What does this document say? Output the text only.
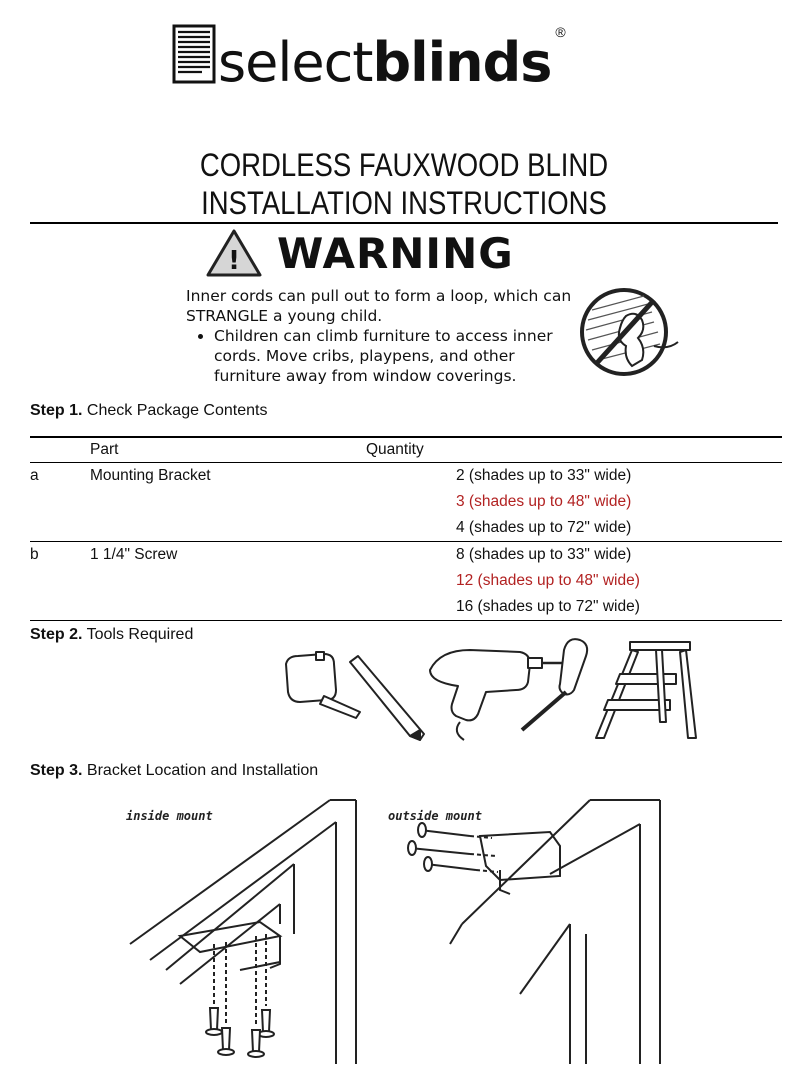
select blinds ®
CORDLESS FAUXWOOD BLIND
INSTALLATION INSTRUCTIONS
! WARNING
Inner cords can pull out to form a loop, which can STRANGLE a young child.
• Children can climb furniture to access inner cords. Move cribs, playpens, and other furniture away from window coverings.
Step 1. Check Package Contents
Part	Quantity
a	Mounting Bracket	2 (shades up to 33" wide)
3 (shades up to 48" wide)
4 (shades up to 72" wide)
b	1 1/4" Screw	8 (shades up to 33" wide)
12 (shades up to 48" wide)
16 (shades up to 72" wide)
Step 2. Tools Required
Step 3. Bracket Location and Installation
inside mount	outside mount
